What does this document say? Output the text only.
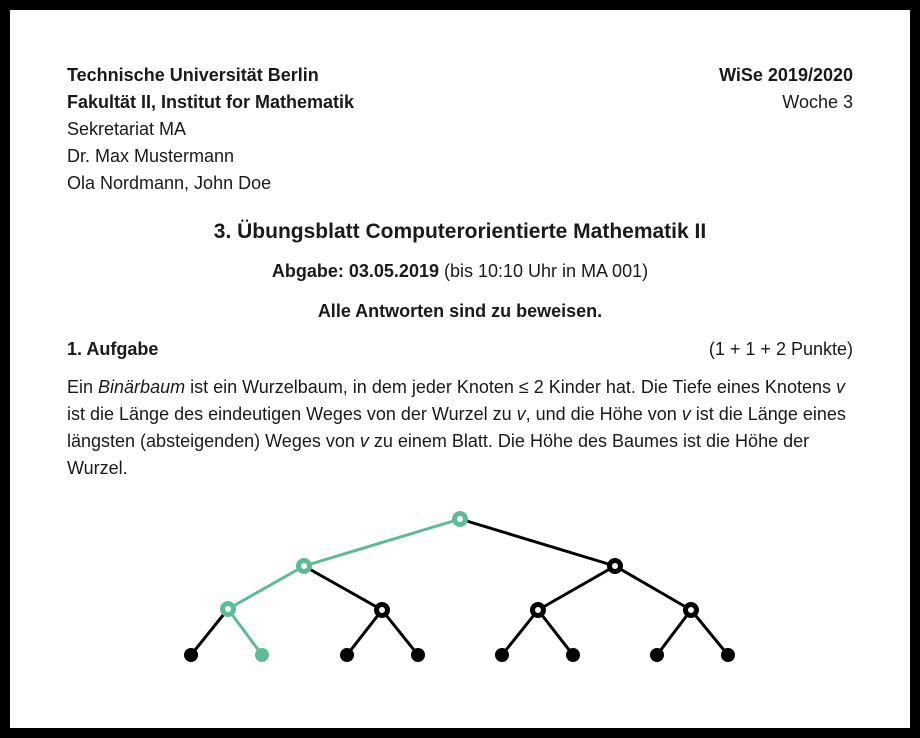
Technische Universität Berlin	WiSe 2019/2020
Fakultät II, Institut for Mathematik	Woche 3
Sekretariat MA
Dr. Max Mustermann
Ola Nordmann, John Doe
3. Übungsblatt Computerorientierte Mathematik II
Abgabe: 03.05.2019 (bis 10:10 Uhr in MA 001)
Alle Antworten sind zu beweisen.
1. Aufgabe	(1 + 1 + 2 Punkte)

Ein Binärbaum ist ein Wurzelbaum, in dem jeder Knoten ≤ 2 Kinder hat. Die Tiefe eines Knotens v ist die Länge des eindeutigen Weges von der Wurzel zu v, und die Höhe von v ist die Länge eines längsten (absteigenden) Weges von v zu einem Blatt. Die Höhe des Baumes ist die Höhe der Wurzel.
